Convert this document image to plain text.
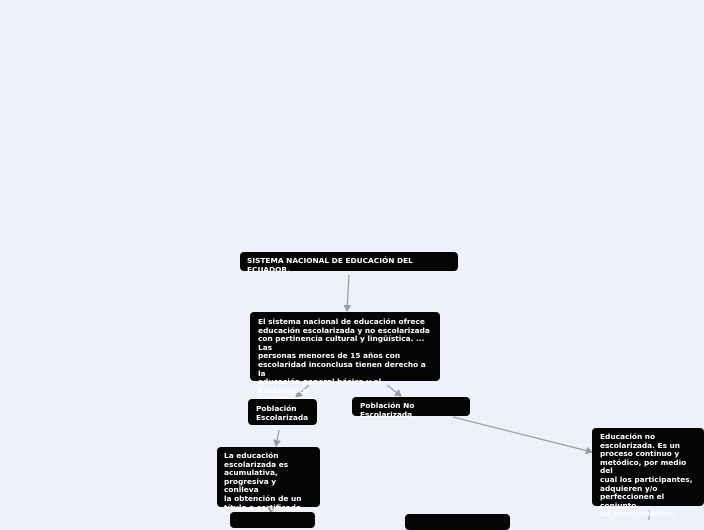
SISTEMA NACIONAL DE EDUCACIÓN DEL ECUADOR.
El sistema nacional de educación ofrece
educación escolarizada y no escolarizada
con pertinencia cultural y lingüística. ... Las
personas menores de 15 años con
escolaridad inconclusa tienen derecho a la
educación general básica y el bachillerato

Población
Escolarizada
Población No Escolarizada
La educación
escolarizada es
acumulativa,
progresiva y conlleva
la obtención de un
título o certificado.
Educación no
escolarizada. Es un
proceso continuo y
metódico, por medio del
cual los participantes,
adquieren y/o
perfeccionen el conjunto
de conocimientos,
